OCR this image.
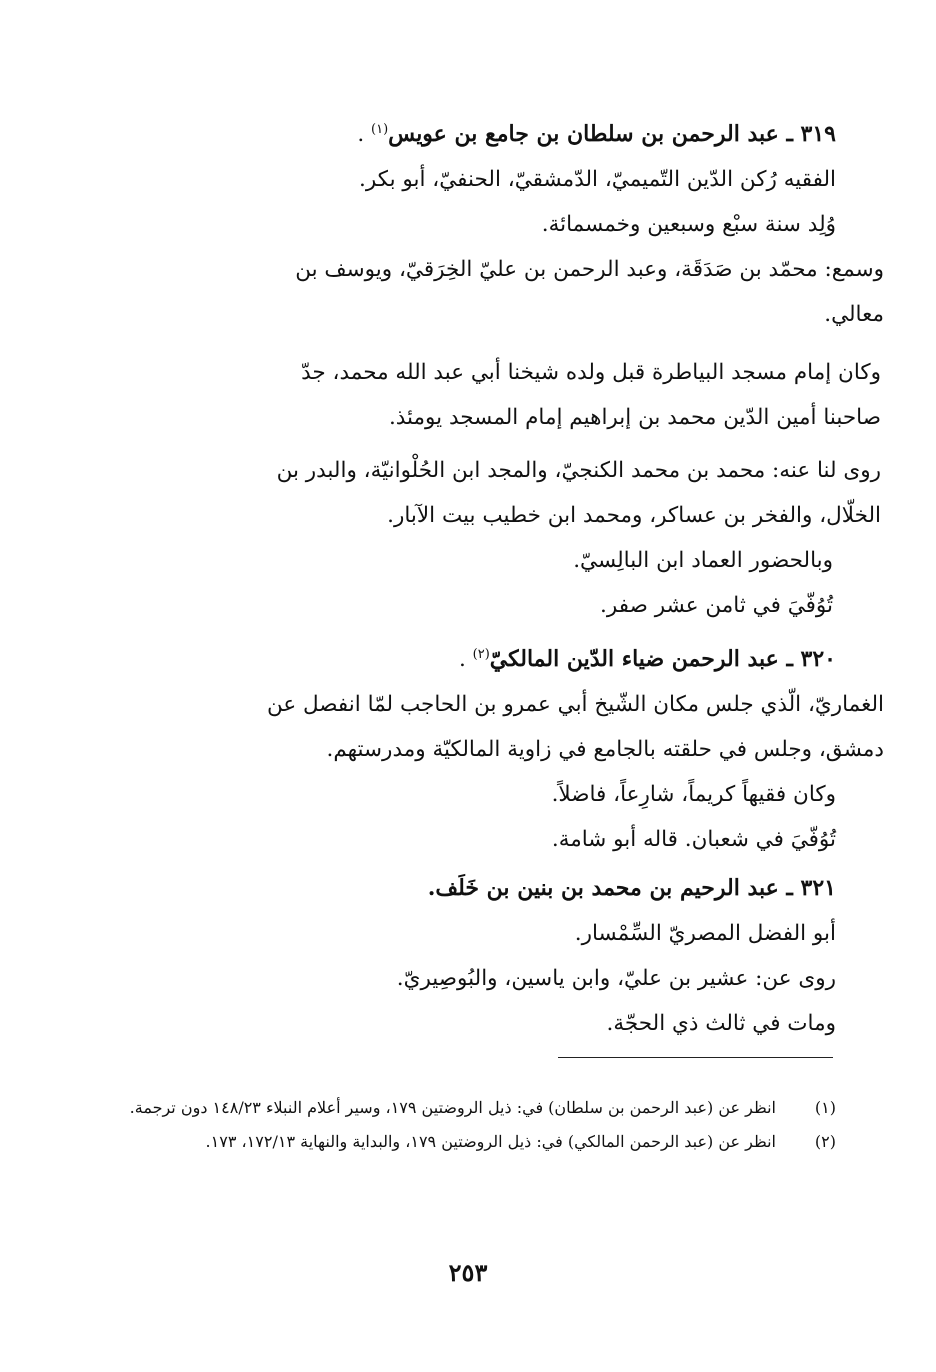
٣١٩ ـ عبد الرحمن بن سلطان بن جامع بن عويس$^{(١)}$ .
الفقيه رُكن الدّين التّميميّ، الدّمشقيّ، الحنفيّ، أبو بكر.
وُلِد سنة سبْع وسبعين وخمسمائة.
وسمع: محمّد بن صَدَقَة، وعبد الرحمن بن عليّ الخِرَقيّ، ويوسف بن
معالي.
وكان إمام مسجد البياطرة قبل ولده شيخنا أبي عبد الله محمد، جدّ
صاحبنا أمين الدّين محمد بن إبراهيم إمام المسجد يومئذ.
روى لنا عنه: محمد بن محمد الكنجيّ، والمجد ابن الحُلْوانيّة، والبدر بن
الخلّال، والفخر بن عساكر، ومحمد ابن خطيب بيت الآبار.
وبالحضور العماد ابن البالِسيّ.
تُوُفّيَ في ثامن عشر صفر.
٣٢٠ ـ عبد الرحمن ضياء الدّين المالكيّ$^{(٢)}$ .
الغماريّ، الّذي جلس مكان الشّيخ أبي عمرو بن الحاجب لمّا انفصل عن
دمشق، وجلس في حلقته بالجامع في زاوية المالكيّة ومدرستهم.
وكان فقيهاً كريماً، شارِعاً، فاضلاً.
تُوُفّيَ في شعبان. قاله أبو شامة.
٣٢١ ـ عبد الرحيم بن محمد بن بنين بن خَلَف.
أبو الفضل المصريّ السِّمْسار.
روى عن: عشير بن عليّ، وابن ياسين، والبُوصِيريّ.
ومات في ثالث ذي الحجّة.
(١)
انظر عن (عبد الرحمن بن سلطان) في: ذيل الروضتين ١٧٩، وسير أعلام النبلاء ١٤٨/٢٣ دون ترجمة.
(٢)
انظر عن (عبد الرحمن المالكي) في: ذيل الروضتين ١٧٩، والبداية والنهاية ١٧٢/١٣، ١٧٣.
٢٥٣
